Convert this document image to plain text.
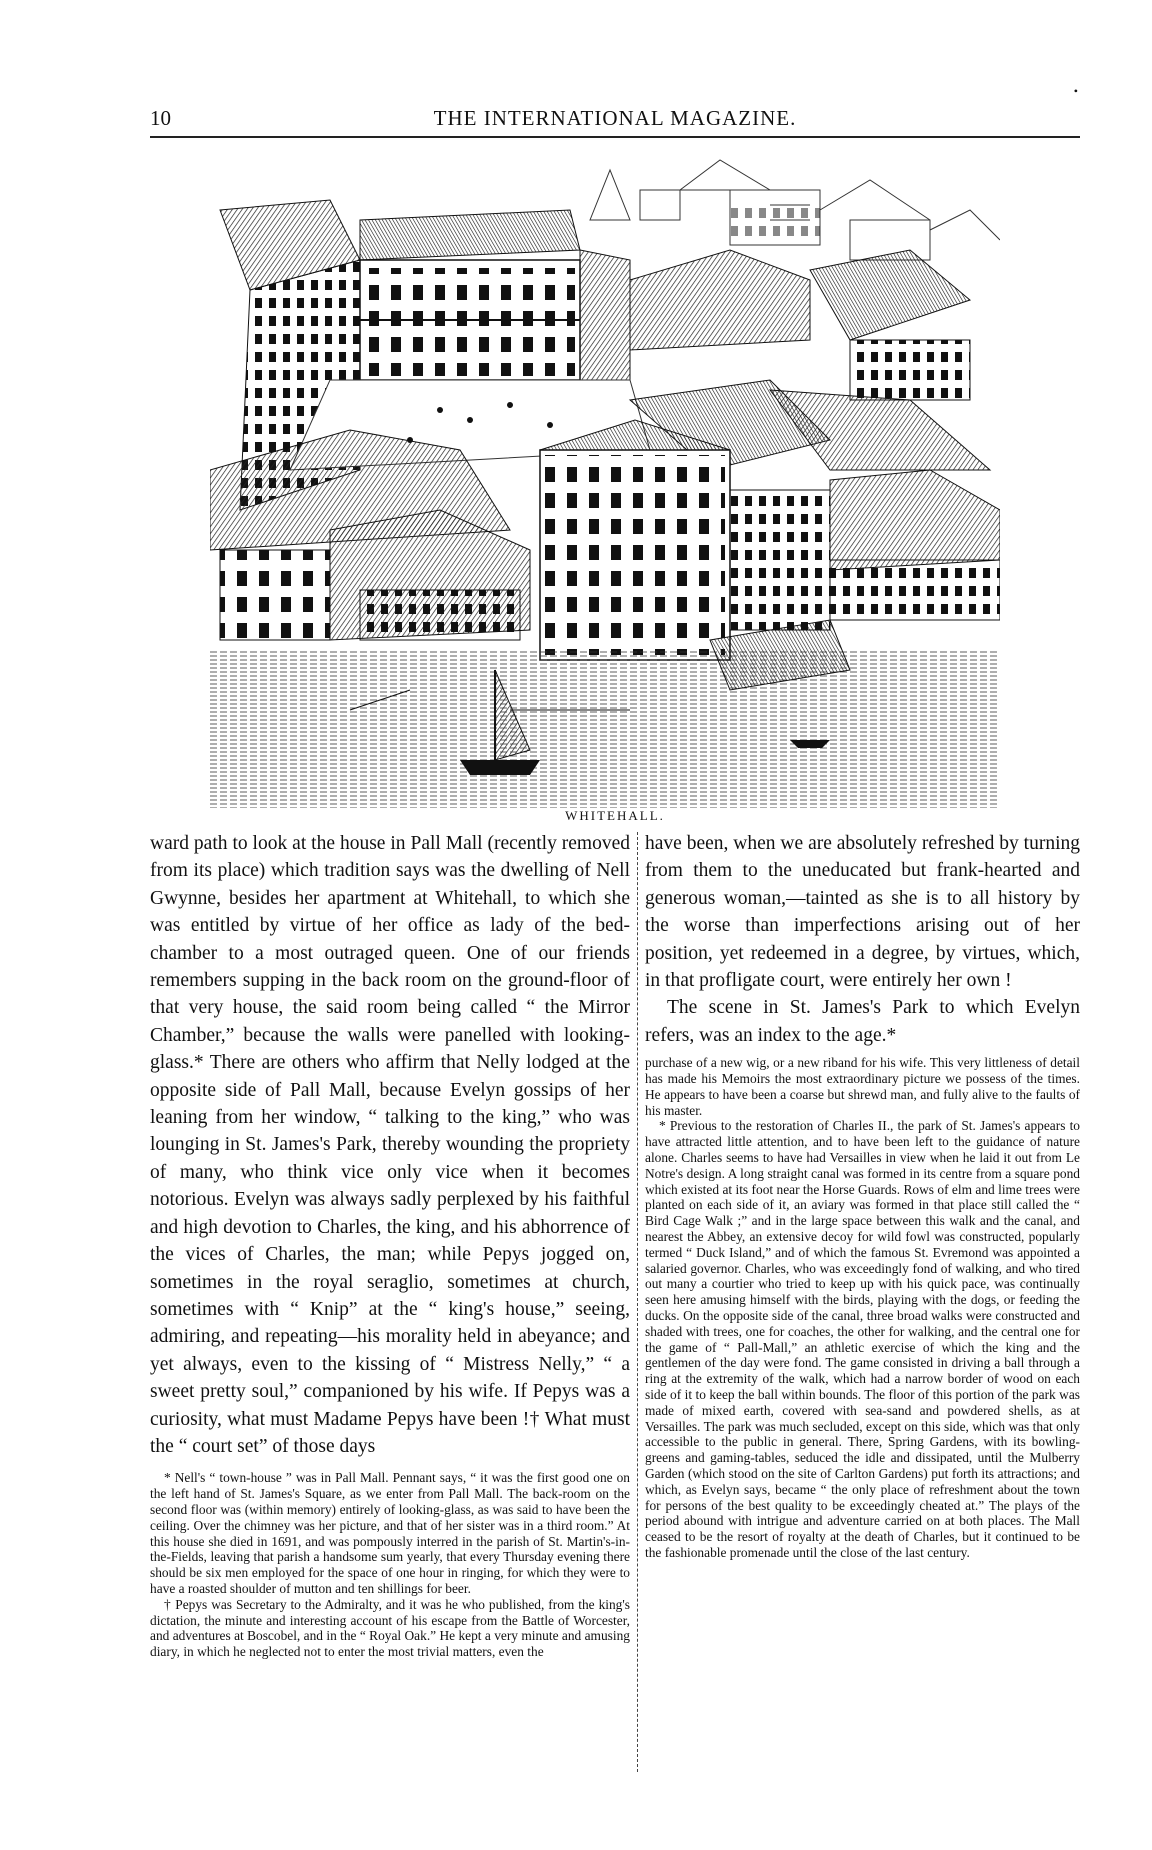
10	THE INTERNATIONAL MAGAZINE.
•
WHITEHALL.

ward path to look at the house in Pall Mall (recently removed from its place) which tradition says was the dwelling of Nell Gwynne, besides her apartment at Whitehall, to which she was entitled by virtue of her office as lady of the bed-chamber to a most outraged queen. One of our friends remembers supping in the back room on the ground-floor of that very house, the said room being called “ the Mirror Chamber,” because the walls were panelled with looking-glass.* There are others who affirm that Nelly lodged at the opposite side of Pall Mall, because Evelyn gossips of her leaning from her window, “ talking to the king,” who was lounging in St. James's Park, thereby wounding the propriety of many, who think vice only vice when it becomes notorious. Evelyn was always sadly perplexed by his faithful and high devotion to Charles, the king, and his abhorrence of the vices of Charles, the man; while Pepys jogged on, sometimes in the royal seraglio, sometimes at church, sometimes with “ Knip” at the “ king's house,” seeing, admiring, and repeating—his morality held in abeyance; and yet always, even to the kissing of “ Mistress Nelly,” “ a sweet pretty soul,” companioned by his wife. If Pepys was a curiosity, what must Madame Pepys have been !† What must the “ court set” of those days

* Nell's “ town-house ” was in Pall Mall. Pennant says, “ it was the first good one on the left hand of St. James's Square, as we enter from Pall Mall. The back-room on the second floor was (within memory) entirely of looking-glass, as was said to have been the ceiling. Over the chimney was her picture, and that of her sister was in a third room.” At this house she died in 1691, and was pompously interred in the parish of St. Martin's-in-the-Fields, leaving that parish a handsome sum yearly, that every Thursday evening there should be six men employed for the space of one hour in ringing, for which they were to have a roasted shoulder of mutton and ten shillings for beer.

† Pepys was Secretary to the Admiralty, and it was he who published, from the king's dictation, the minute and interesting account of his escape from the Battle of Worcester, and adventures at Boscobel, and in the “ Royal Oak.” He kept a very minute and amusing diary, in which he neglected not to enter the most trivial matters, even the

have been, when we are absolutely refreshed by turning from them to the uneducated but frank-hearted and generous woman,—tainted as she is to all history by the worse than imperfections arising out of her position, yet redeemed in a degree, by virtues, which, in that profligate court, were entirely her own !

The scene in St. James's Park to which Evelyn refers, was an index to the age.*

purchase of a new wig, or a new riband for his wife. This very littleness of detail has made his Memoirs the most extraordinary picture we possess of the times. He appears to have been a coarse but shrewd man, and fully alive to the faults of his master.

* Previous to the restoration of Charles II., the park of St. James's appears to have attracted little attention, and to have been left to the guidance of nature alone. Charles seems to have had Versailles in view when he laid it out from Le Notre's design. A long straight canal was formed in its centre from a square pond which existed at its foot near the Horse Guards. Rows of elm and lime trees were planted on each side of it, an aviary was formed in that place still called the “ Bird Cage Walk ;” and in the large space between this walk and the canal, and nearest the Abbey, an extensive decoy for wild fowl was constructed, popularly termed “ Duck Island,” and of which the famous St. Evremond was appointed a salaried governor. Charles, who was exceedingly fond of walking, and who tired out many a courtier who tried to keep up with his quick pace, was continually seen here amusing himself with the birds, playing with the dogs, or feeding the ducks. On the opposite side of the canal, three broad walks were constructed and shaded with trees, one for coaches, the other for walking, and the central one for the game of “ Pall-Mall,” an athletic exercise of which the king and the gentlemen of the day were fond. The game consisted in driving a ball through a ring at the extremity of the walk, which had a narrow border of wood on each side of it to keep the ball within bounds. The floor of this portion of the park was made of mixed earth, covered with sea-sand and powdered shells, as at Versailles. The park was much secluded, except on this side, which was that only accessible to the public in general. There, Spring Gardens, with its bowling-greens and gaming-tables, seduced the idle and dissipated, until the Mulberry Garden (which stood on the site of Carlton Gardens) put forth its attractions; and which, as Evelyn says, became “ the only place of refreshment about the town for persons of the best quality to be exceedingly cheated at.” The plays of the period abound with intrigue and adventure carried on at both places. The Mall ceased to be the resort of royalty at the death of Charles, but it continued to be the fashionable promenade until the close of the last century.
